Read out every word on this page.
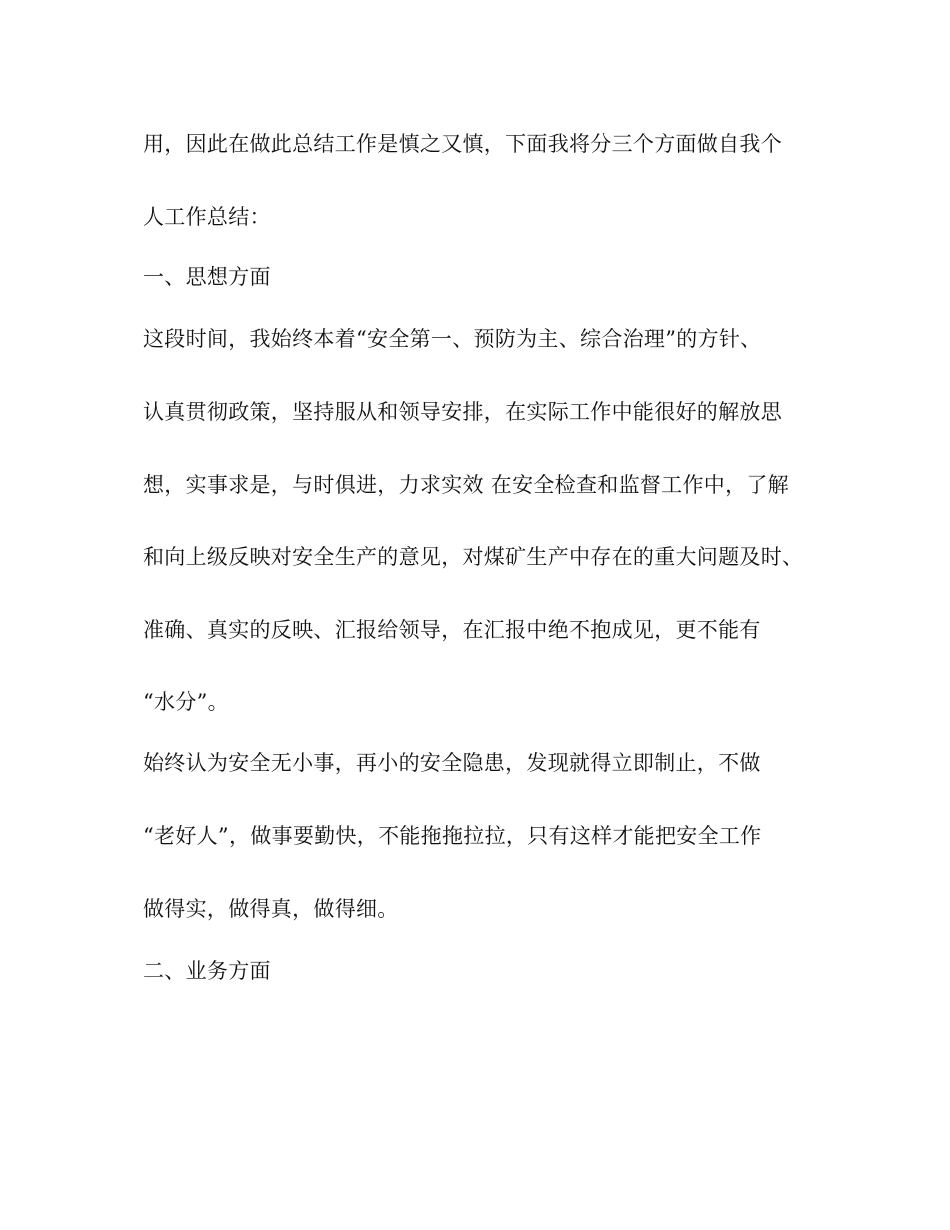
用，因此在做此总结工作是慎之又慎，下面我将分三个方面做自我个
人工作总结：
一、思想方面
这段时间，我始终本着“安全第一、预防为主、综合治理”的方针、
认真贯彻政策，坚持服从和领导安排，在实际工作中能很好的解放思
想，实事求是，与时俱进，力求实效 在安全检查和监督工作中，了解
和向上级反映对安全生产的意见，对煤矿生产中存在的重大问题及时、
准确、真实的反映、汇报给领导，在汇报中绝不抱成见，更不能有
“水分”。
始终认为安全无小事，再小的安全隐患，发现就得立即制止，不做
“老好人”，做事要勤快，不能拖拖拉拉，只有这样才能把安全工作
做得实，做得真，做得细。
二、业务方面
